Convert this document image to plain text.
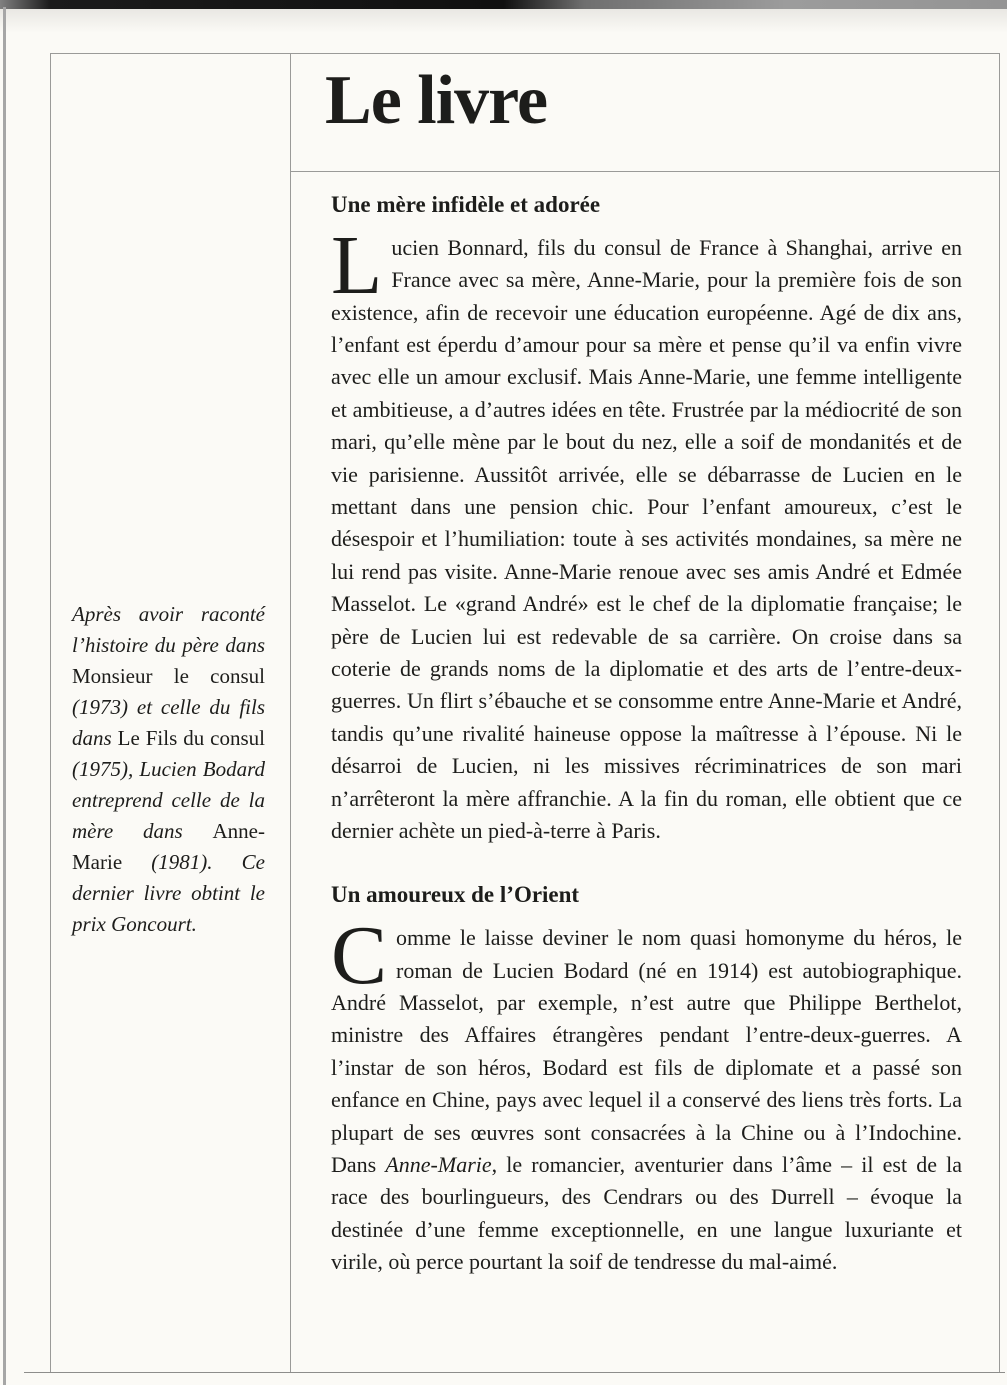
Après avoir raconté l’histoire du père dans Monsieur le consul (1973) et celle du fils dans Le Fils du consul (1975), Lucien Bodard entreprend celle de la mère dans Anne-Marie (1981). Ce dernier livre obtint le prix Goncourt.

Le livre
Une mère infidèle et adorée

Lucien Bonnard, fils du consul de France à Shanghai, arrive en France avec sa mère, Anne-Marie, pour la première fois de son existence, afin de recevoir une éducation européenne. Agé de dix ans, l’enfant est éperdu d’amour pour sa mère et pense qu’il va enfin vivre avec elle un amour exclusif. Mais Anne-Marie, une femme intelligente et ambitieuse, a d’autres idées en tête. Frustrée par la médiocrité de son mari, qu’elle mène par le bout du nez, elle a soif de mondanités et de vie parisienne. Aussitôt arrivée, elle se débarrasse de Lucien en le mettant dans une pension chic. Pour l’enfant amoureux, c’est le désespoir et l’humiliation: toute à ses activités mondaines, sa mère ne lui rend pas visite. Anne-Marie renoue avec ses amis André et Edmée Masselot. Le «grand André» est le chef de la diplomatie française; le père de Lucien lui est redevable de sa carrière. On croise dans sa coterie de grands noms de la diplomatie et des arts de l’entre-deux-guerres. Un flirt s’ébauche et se consomme entre Anne-Marie et André, tandis qu’une rivalité haineuse oppose la maîtresse à l’épouse. Ni le désarroi de Lucien, ni les missives récriminatrices de son mari n’arrêteront la mère affranchie. A la fin du roman, elle obtient que ce dernier achète un pied-à-terre à Paris.

Un amoureux de l’Orient

Comme le laisse deviner le nom quasi homonyme du héros, le roman de Lucien Bodard (né en 1914) est autobiographique. André Masselot, par exemple, n’est autre que Philippe Berthelot, ministre des Affaires étrangères pendant l’entre-deux-guerres. A l’instar de son héros, Bodard est fils de diplomate et a passé son enfance en Chine, pays avec lequel il a conservé des liens très forts. La plupart de ses œuvres sont consacrées à la Chine ou à l’Indochine. Dans Anne-Marie, le romancier, aventurier dans l’âme – il est de la race des bourlingueurs, des Cendrars ou des Durrell – évoque la destinée d’une femme exceptionnelle, en une langue luxuriante et virile, où perce pourtant la soif de tendresse du mal-aimé.
